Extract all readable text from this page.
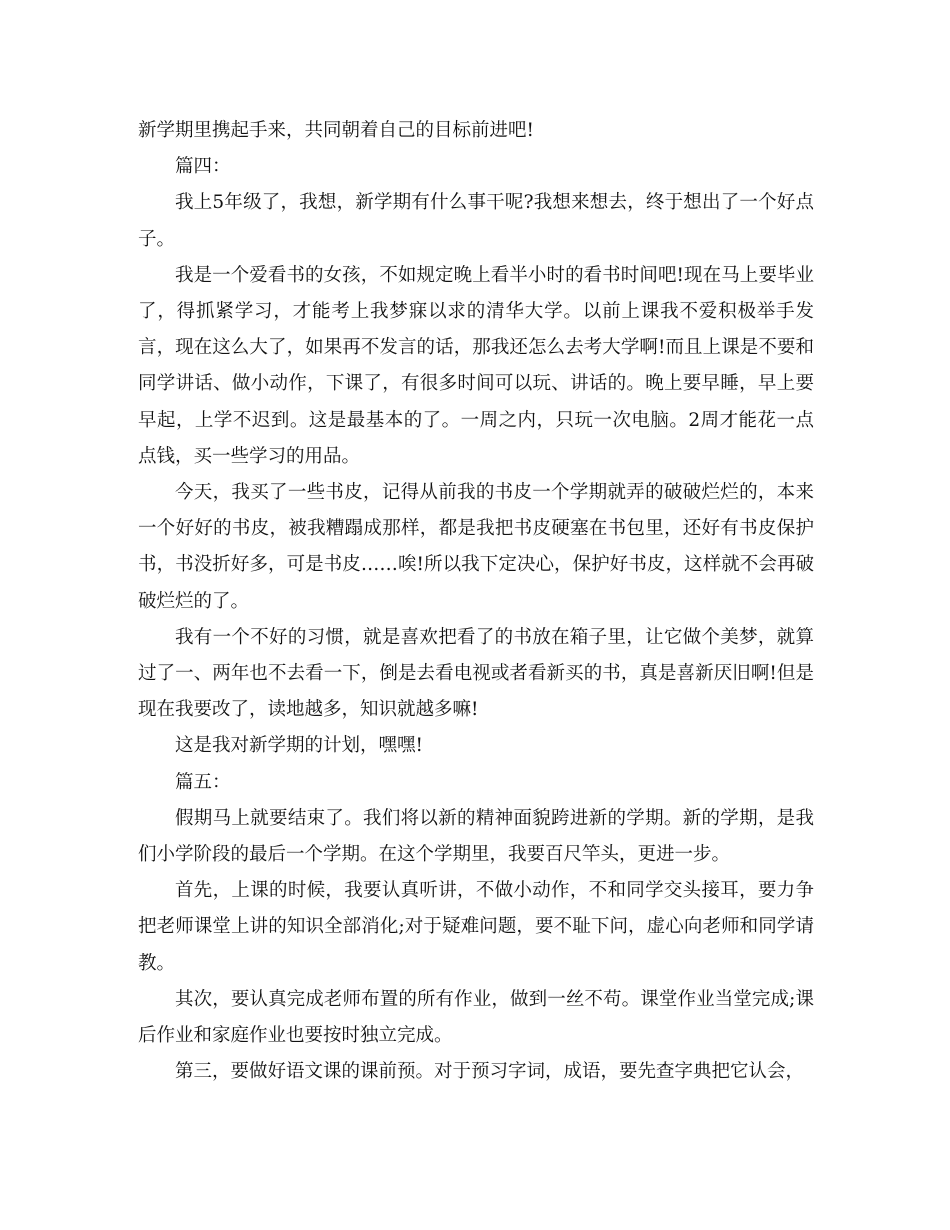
新学期里携起手来，共同朝着自己的目标前进吧!

篇四：

我上5年级了，我想，新学期有什么事干呢?我想来想去，终于想出了一个好点子。

我是一个爱看书的女孩，不如规定晚上看半小时的看书时间吧!现在马上要毕业了，得抓紧学习，才能考上我梦寐以求的清华大学。以前上课我不爱积极举手发言，现在这么大了，如果再不发言的话，那我还怎么去考大学啊!而且上课是不要和同学讲话、做小动作，下课了，有很多时间可以玩、讲话的。晚上要早睡，早上要早起，上学不迟到。这是最基本的了。一周之内，只玩一次电脑。2周才能花一点点钱，买一些学习的用品。

今天，我买了一些书皮，记得从前我的书皮一个学期就弄的破破烂烂的，本来一个好好的书皮，被我糟蹋成那样，都是我把书皮硬塞在书包里，还好有书皮保护书，书没折好多，可是书皮……唉!所以我下定决心，保护好书皮，这样就不会再破破烂烂的了。

我有一个不好的习惯，就是喜欢把看了的书放在箱子里，让它做个美梦，就算过了一、两年也不去看一下，倒是去看电视或者看新买的书，真是喜新厌旧啊!但是现在我要改了，读地越多，知识就越多嘛!

这是我对新学期的计划，嘿嘿!

篇五：

假期马上就要结束了。我们将以新的精神面貌跨进新的学期。新的学期，是我们小学阶段的最后一个学期。在这个学期里，我要百尺竿头，更进一步。

首先，上课的时候，我要认真听讲，不做小动作，不和同学交头接耳，要力争把老师课堂上讲的知识全部消化;对于疑难问题，要不耻下问，虚心向老师和同学请教。

其次，要认真完成老师布置的所有作业，做到一丝不苟。课堂作业当堂完成;课后作业和家庭作业也要按时独立完成。

第三，要做好语文课的课前预。对于预习字词，成语，要先查字典把它认会，
